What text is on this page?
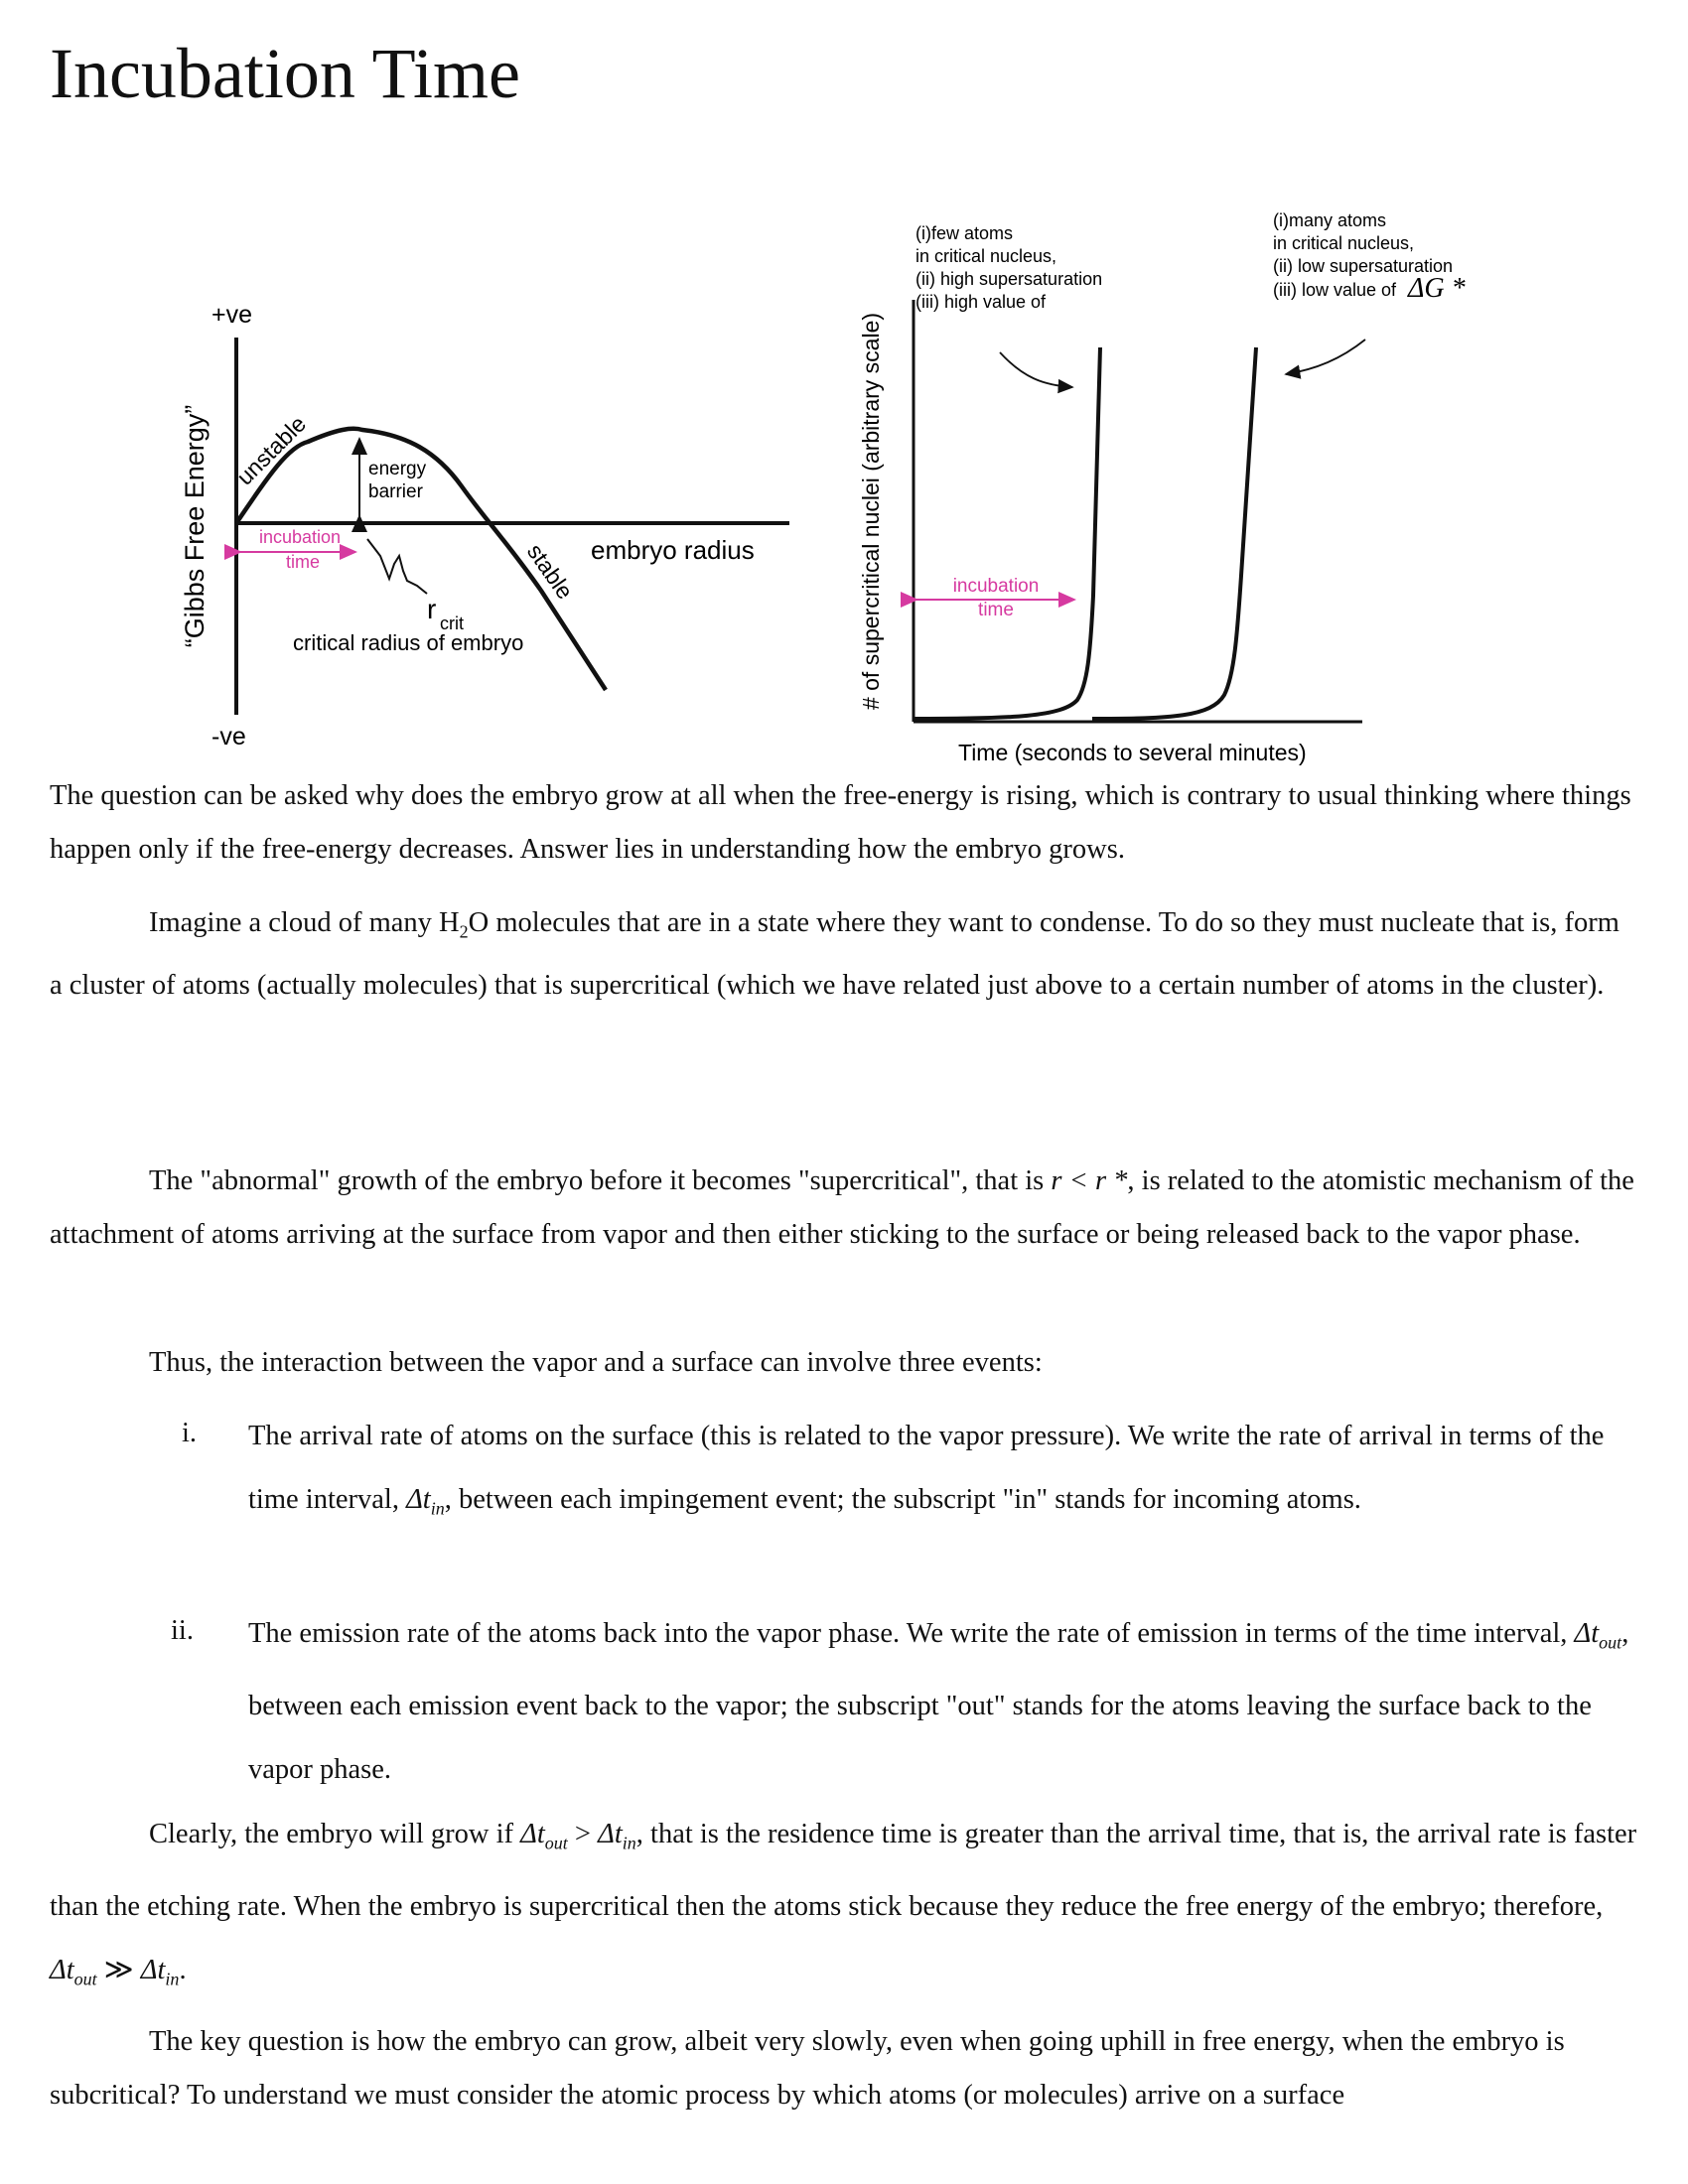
Incubation Time
+ve
-ve
“Gibbs Free Energy” unstable
stable
energy
barrier
incubation
time
r crit
critical radius of embryo
embryo radius	# of supercritical nuclei (arbitrary scale)
Time (seconds to several minutes)
incubation
time
(i)few atoms
in critical nucleus,
(ii) high supersaturation
(iii) high value of
(i)many atoms
in critical nucleus,
(ii) low supersaturation
(iii) low value of ΔG *

The question can be asked why does the embryo grow at all when the free-energy is rising, which is contrary to usual thinking where things happen only if the free-energy decreases. Answer lies in understanding how the embryo grows.

Imagine a cloud of many $H_2O$ molecules that are in a state where they want to condense. To do so they must nucleate that is, form a cluster of atoms (actually molecules) that is supercritical (which we have related just above to a certain number of atoms in the cluster).

The "abnormal" growth of the embryo before it becomes "supercritical", that is r < r *, is related to the atomistic mechanism of the attachment of atoms arriving at the surface from vapor and then either sticking to the surface or being released back to the vapor phase.

Thus, the interaction between the vapor and a surface can involve three events:

i. The arrival rate of atoms on the surface (this is related to the vapor pressure). We write the rate of arrival in terms of the time interval, $\Delta t_{in}$, between each impingement event; the subscript "in" stands for incoming atoms.

ii. The emission rate of the atoms back into the vapor phase. We write the rate of emission in terms of the time interval, $\Delta t_{out}$, between each emission event back to the vapor; the subscript "out" stands for the atoms leaving the surface back to the vapor phase.

Clearly, the embryo will grow if $\Delta t_{out} > \Delta t_{in}$, that is the residence time is greater than the arrival time, that is, the arrival rate is faster than the etching rate. When the embryo is supercritical then the atoms stick because they reduce the free energy of the embryo; therefore, $\Delta t_{out}$ ≫ $\Delta t_{in}$.

The key question is how the embryo can grow, albeit very slowly, even when going uphill in free energy, when the embryo is subcritical? To understand we must consider the atomic process by which atoms (or molecules) arrive on a surface
